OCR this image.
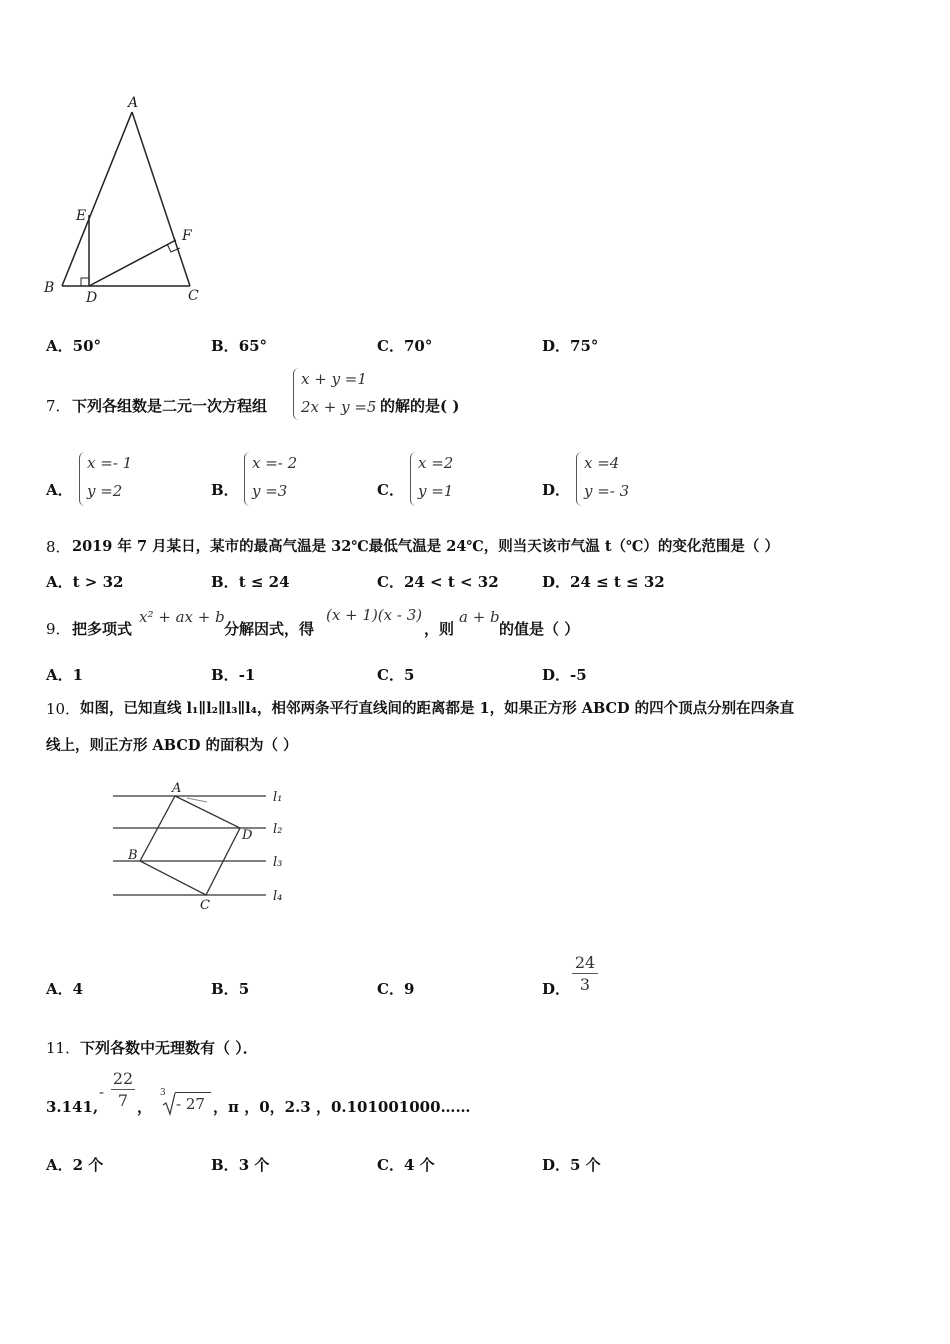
A
B	C
D
E
F
A．50°	B．65°	C．70°	D．75°
7． 下列各组数是二元一次方程组
x + y =1
2x + y =5 的解的是( )
A．
x =- 1
y =2	B．
x =- 2
y =3	C．
x =2
y =1	D．
x =4
y =- 3
8． 2019 年 7 月某日，某市的最高气温是 32℃最低气温是 24℃，则当天该市气温 t（℃）的变化范围是（ ）
A．t > 32	B．t ≤ 24	C．24 < t < 32	D．24 ≤ t ≤ 32
9． 把多项式
x² + ax + b
分解因式，得
(x + 1)(x - 3)
，则
a + b
的值是（ ）
A．1	B．-1	C．5	D．-5
10． 如图，已知直线 l₁∥l₂∥l₃∥l₄，相邻两条平行直线间的距离都是 1，如果正方形 ABCD 的四个顶点分别在四条直
线上，则正方形 ABCD 的面积为（ ）
A
B
C
D
l₁
l₂
l₃
l₄
A．4	B．5	C．9	D．
24
3
11． 下列各数中无理数有（ ）．
3.141,
-
22
7 ，
3
- 27 ，π ，0，2.3 ，0.101001000……
A．2 个	B．3 个	C．4 个	D．5 个
